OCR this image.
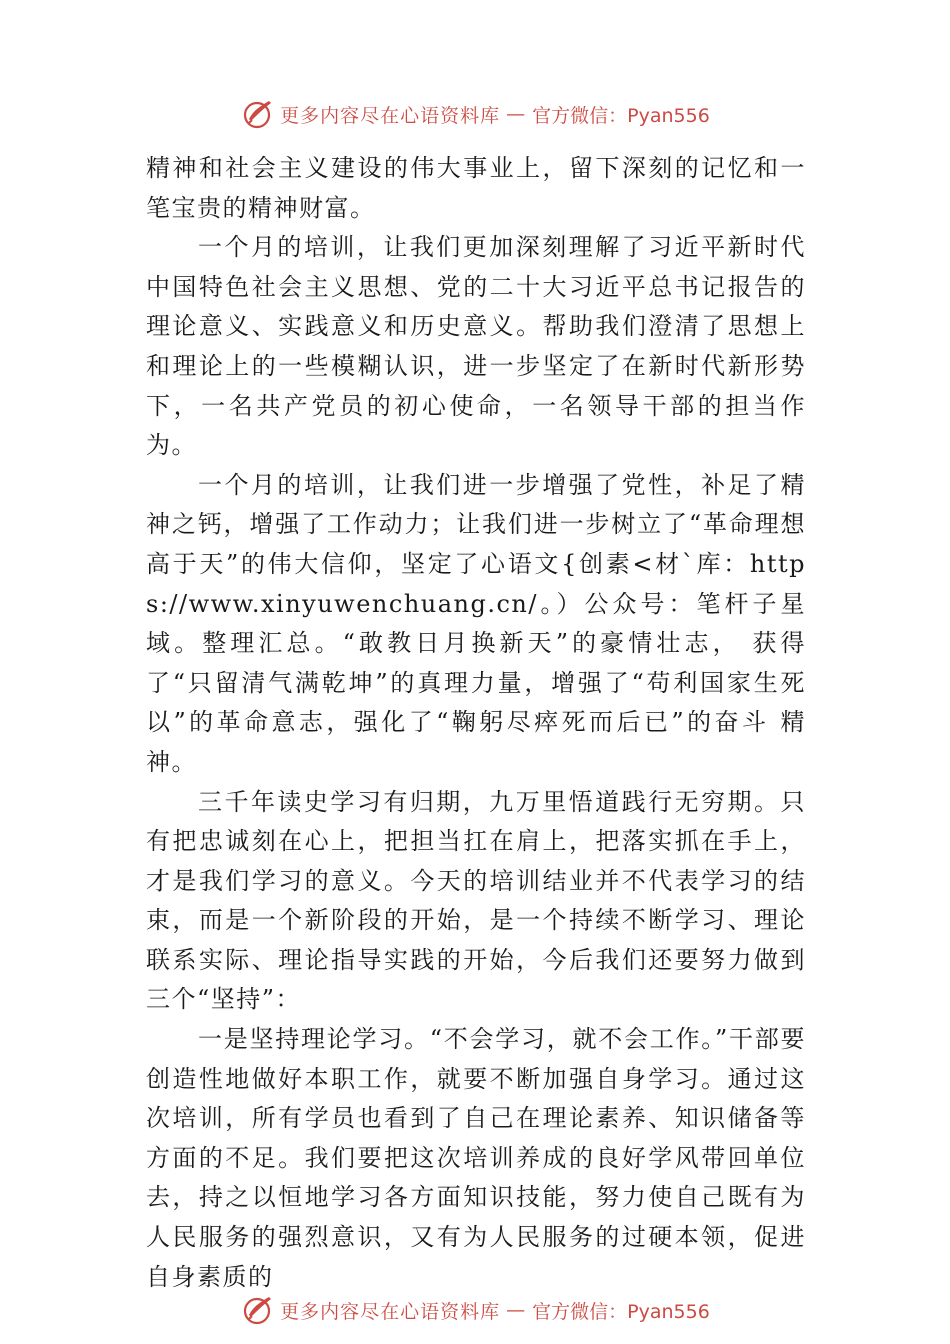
更多内容尽在心语资料库 — 官方微信：Pyan556

精神和社会主义建设的伟大事业上，留下深刻的记忆和一笔宝贵的精神财富。

一个月的培训，让我们更加深刻理解了习近平新时代中国特色社会主义思想、党的二十大习近平总书记报告的理论意义、实践意义和历史意义。帮助我们澄清了思想上和理论上的一些模糊认识，进一步坚定了在新时代新形势下，一名共产党员的初心使命，一名领导干部的担当作为。

一个月的培训，让我们进一步增强了党性，补足了精神之钙，增强了工作动力；让我们进一步树立了“革命理想高于天”的伟大信仰，坚定了心语文{创素<材`库：https://www.xinyuwenchuang.cn/。）公众号：笔杆子星域。整理汇总。“敢教日月换新天”的豪情壮志， 获得了“只留清气满乾坤”的真理力量，增强了“苟利国家生死以”的革命意志，强化了“鞠躬尽瘁死而后已”的奋斗 精神。

三千年读史学习有归期，九万里悟道践行无穷期。只有把忠诚刻在心上，把担当扛在肩上，把落实抓在手上，才是我们学习的意义。今天的培训结业并不代表学习的结束，而是一个新阶段的开始，是一个持续不断学习、理论联系实际、理论指导实践的开始，今后我们还要努力做到三个“坚持”：

一是坚持理论学习。“不会学习，就不会工作。”干部要创造性地做好本职工作，就要不断加强自身学习。通过这次培训，所有学员也看到了自己在理论素养、知识储备等方面的不足。我们要把这次培训养成的良好学风带回单位去，持之以恒地学习各方面知识技能，努力使自己既有为人民服务的强烈意识，又有为人民服务的过硬本领，促进自身素质的

更多内容尽在心语资料库 — 官方微信：Pyan556
